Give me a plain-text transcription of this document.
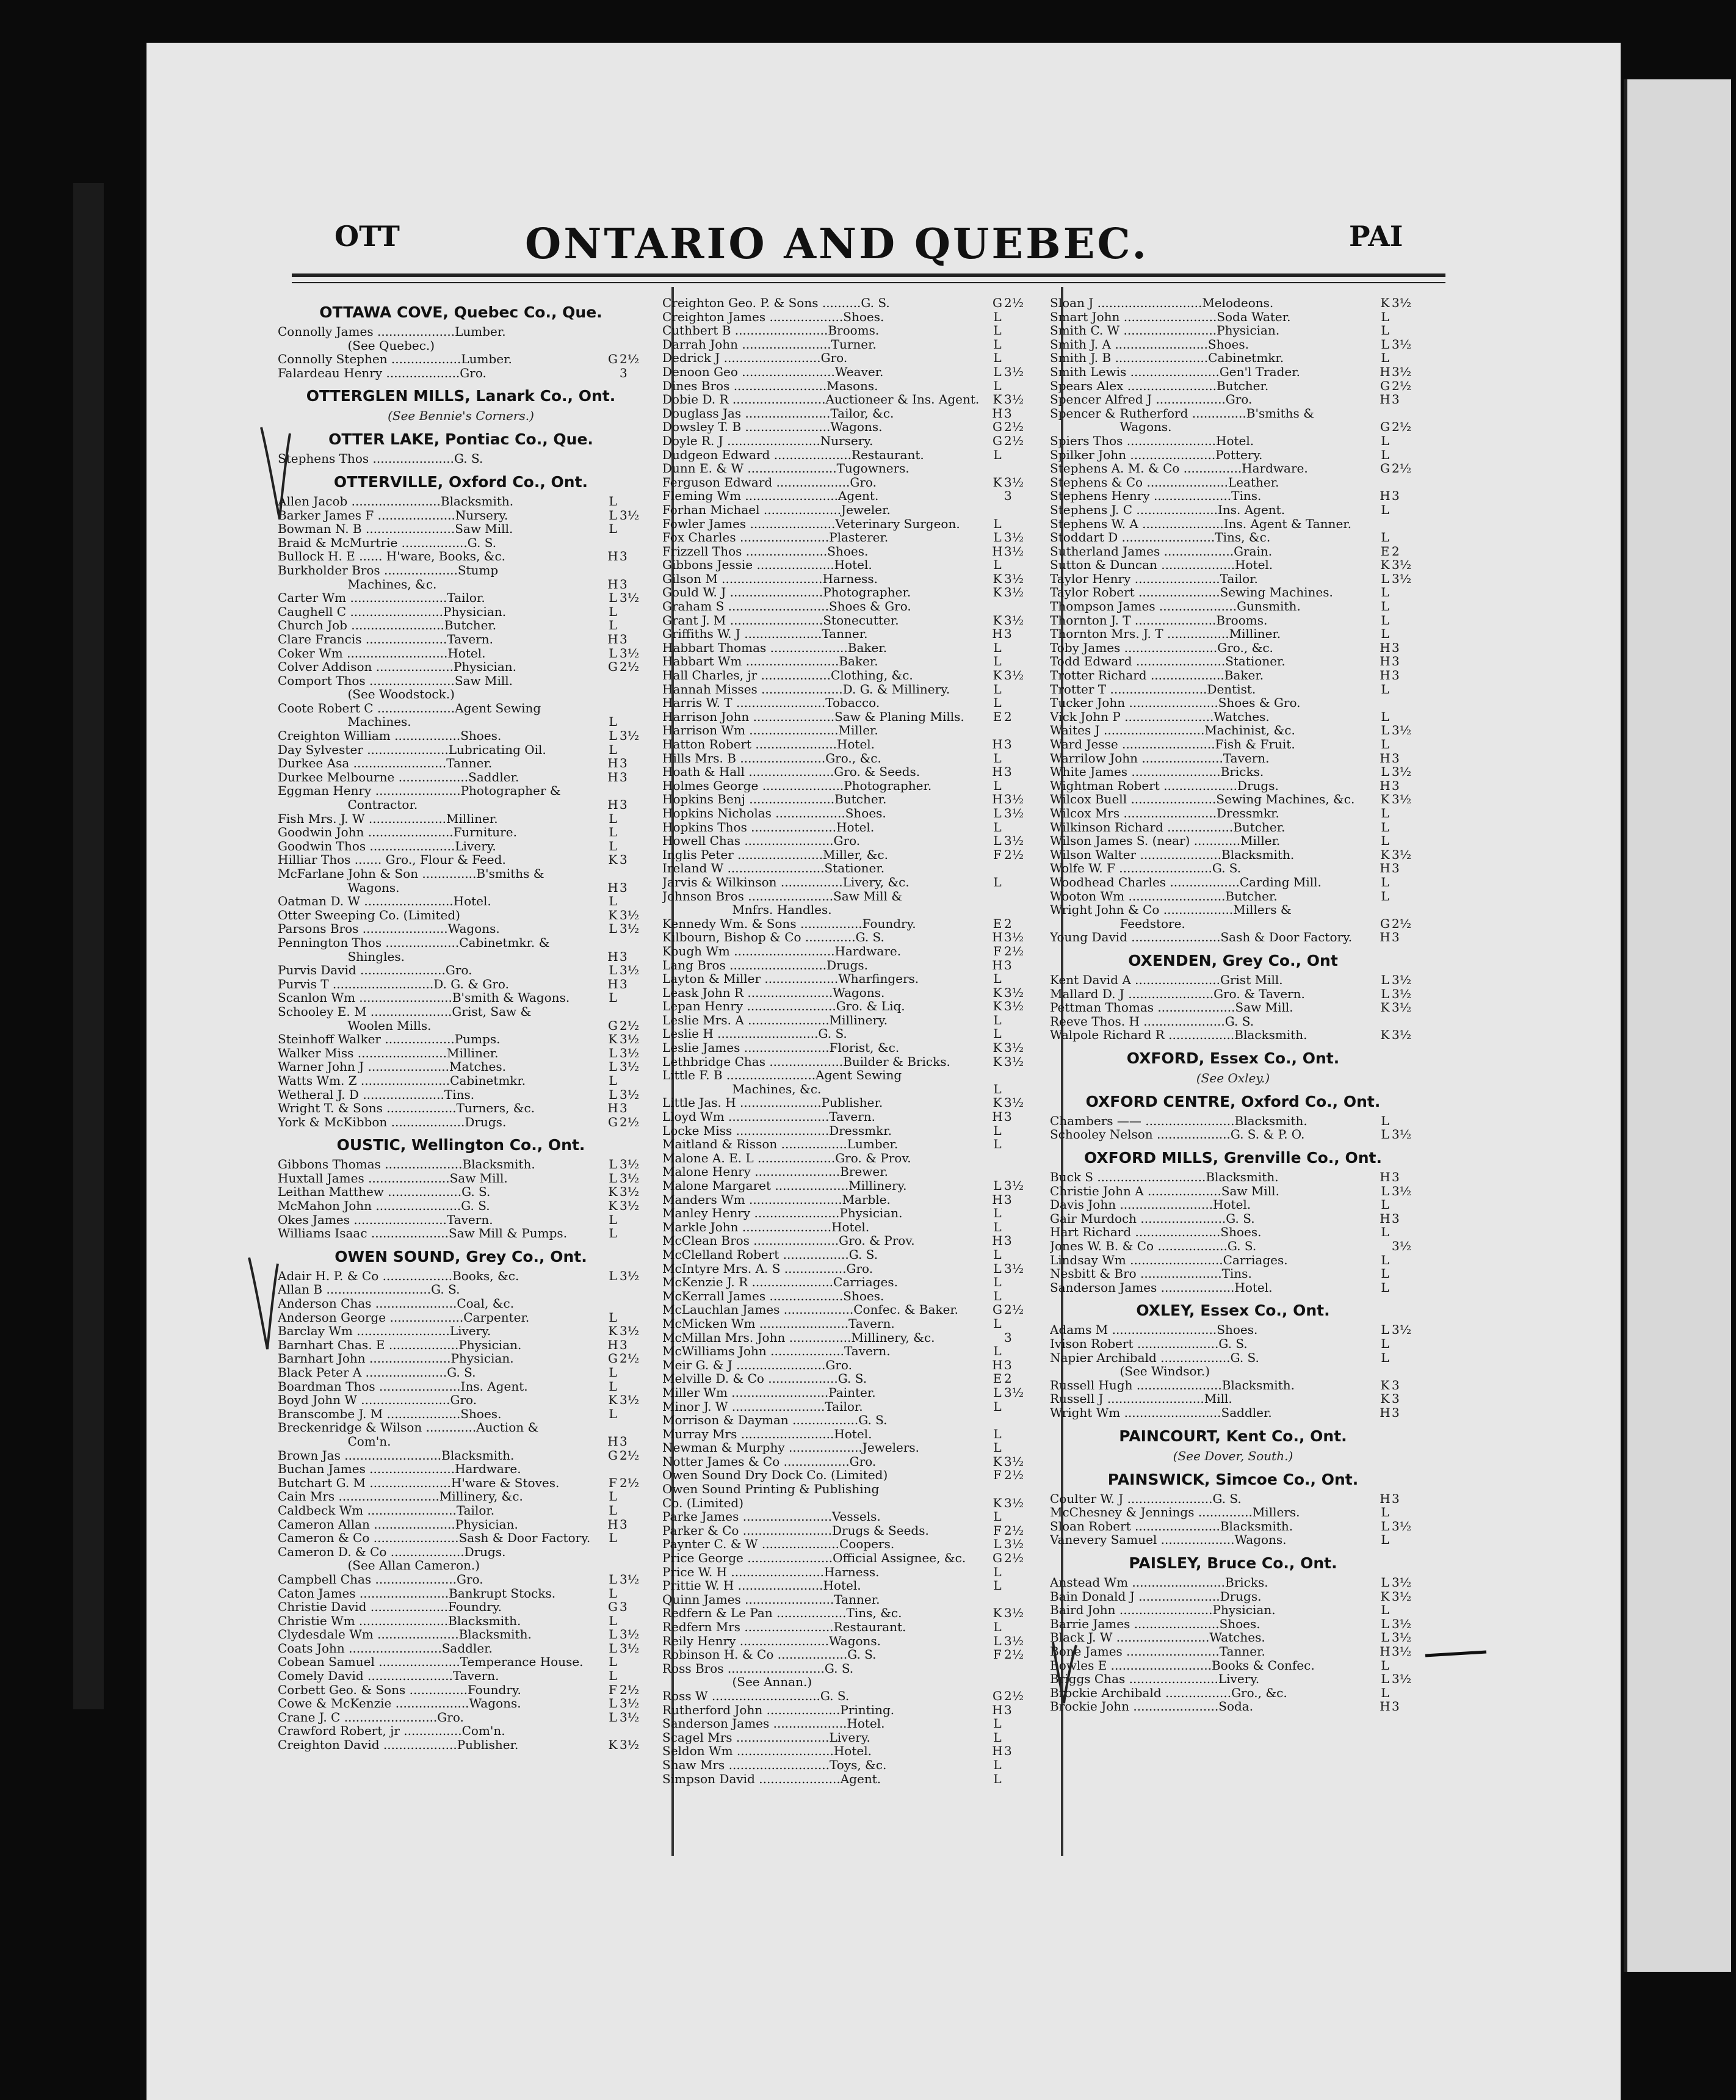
OTT	ONTARIO AND QUEBEC.	PAI
OTTAWA COVE, Quebec Co., Que.
Connolly James .................... Lumber.

(See Quebec.)
Connolly Stephen .................. Lumber.	G 2½
Falardeau Henry ................... Gro.	3
OTTERGLEN MILLS, Lanark Co., Ont.
(See Bennie's Corners.)
OTTER LAKE, Pontiac Co., Que.
Stephens Thos ..................... G. S.
OTTERVILLE, Oxford Co., Ont.
Allen Jacob ....................... Blacksmith.	L
Barker James F .................... Nursery.	L 3½
Bowman N. B ....................... Saw Mill.	L
Braid & McMurtrie ................. G. S.
Bullock H. E ...... H'ware, Books, &c.	H 3
Burkholder Bros ................... Stump

Machines, &c.	H 3
Carter Wm ......................... Tailor.	L 3½
Caughell C ........................ Physician.	L
Church Job ........................ Butcher.	L
Clare Francis ..................... Tavern.	H 3
Coker Wm .......................... Hotel.	L 3½
Colver Addison .................... Physician.	G 2½
Comport Thos ...................... Saw Mill.

(See Woodstock.)
Coote Robert C .................... Agent Sewing

Machines.	L
Creighton William ................. Shoes.	L 3½
Day Sylvester ..................... Lubricating Oil.	L
Durkee Asa ........................ Tanner.	H 3
Durkee Melbourne .................. Saddler.	H 3
Eggman Henry ...................... Photographer &

Contractor.	H 3
Fish Mrs. J. W .................... Milliner.	L
Goodwin John ...................... Furniture.	L
Goodwin Thos ...................... Livery.	L
Hilliar Thos ....... Gro., Flour & Feed.	K 3
McFarlane John & Son .............. B'smiths &

Wagons.	H 3
Oatman D. W ....................... Hotel.	L
Otter Sweeping Co. (Limited)	K 3½
Parsons Bros ...................... Wagons.	L 3½
Pennington Thos ................... Cabinetmkr. &

Shingles.	H 3
Purvis David ...................... Gro.	L 3½
Purvis T .......................... D. G. & Gro.	H 3
Scanlon Wm ........................ B'smith & Wagons.	L
Schooley E. M ..................... Grist, Saw &

Woolen Mills.	G 2½
Steinhoff Walker .................. Pumps.	K 3½
Walker Miss ....................... Milliner.	L 3½
Warner John J ..................... Matches.	L 3½
Watts Wm. Z ....................... Cabinetmkr.	L
Wetheral J. D ..................... Tins.	L 3½
Wright T. & Sons .................. Turners, &c.	H 3
York & McKibbon ................... Drugs.	G 2½
OUSTIC, Wellington Co., Ont.
Gibbons Thomas .................... Blacksmith.	L 3½
Huxtall James ..................... Saw Mill.	L 3½
Leithan Matthew ................... G. S.	K 3½
McMahon John ...................... G. S.	K 3½
Okes James ........................ Tavern.	L
Williams Isaac .................... Saw Mill & Pumps.	L
OWEN SOUND, Grey Co., Ont.
Adair H. P. & Co .................. Books, &c.	L 3½
Allan B ........................... G. S.
Anderson Chas ..................... Coal, &c.
Anderson George ................... Carpenter.	L
Barclay Wm ........................ Livery.	K 3½
Barnhart Chas. E .................. Physician.	H 3
Barnhart John ..................... Physician.	G 2½
Black Peter A ..................... G. S.	L
Boardman Thos ..................... Ins. Agent.	L
Boyd John W ....................... Gro.	K 3½
Branscombe J. M ................... Shoes.	L
Breckenridge & Wilson ............. Auction &

Com'n.	H 3
Brown Jas ......................... Blacksmith.	G 2½
Buchan James ...................... Hardware.
Butchart G. M ..................... H'ware & Stoves.	F 2½
Cain Mrs .......................... Millinery, &c.	L
Caldbeck Wm ....................... Tailor.	L
Cameron Allan ..................... Physician.	H 3
Cameron & Co ...................... Sash & Door Factory.	L
Cameron D. & Co ................... Drugs.

(See Allan Cameron.)
Campbell Chas ..................... Gro.	L 3½
Caton James ....................... Bankrupt Stocks.	L
Christie David .................... Foundry.	G 3
Christie Wm ....................... Blacksmith.	L
Clydesdale Wm ..................... Blacksmith.	L 3½
Coats John ........................ Saddler.	L 3½
Cobean Samuel ..................... Temperance House.	L
Comely David ...................... Tavern.	L
Corbett Geo. & Sons ............... Foundry.	F 2½
Cowe & McKenzie ................... Wagons.	L 3½
Crane J. C ........................ Gro.	L 3½
Crawford Robert, jr ............... Com'n.
Creighton David ................... Publisher.	K 3½
Creighton Geo. P. & Sons .......... G. S.	G 2½
Creighton James ................... Shoes.	L
Cuthbert B ........................ Brooms.	L
Darrah John ....................... Turner.	L
Dedrick J ......................... Gro.	L
Denoon Geo ........................ Weaver.	L 3½
Dines Bros ........................ Masons.	L
Dobie D. R ........................ Auctioneer & Ins. Agent.	K 3½
Douglass Jas ...................... Tailor, &c.	H 3
Dowsley T. B ...................... Wagons.	G 2½
Doyle R. J ........................ Nursery.	G 2½
Dudgeon Edward .................... Restaurant.	L
Dunn E. & W ....................... Tugowners.
Ferguson Edward ................... Gro.	K 3½
Fleming Wm ........................ Agent.	3
Forhan Michael .................... Jeweler.
Fowler James ...................... Veterinary Surgeon.	L
Fox Charles ....................... Plasterer.	L 3½
Frizzell Thos ..................... Shoes.	H 3½
Gibbons Jessie .................... Hotel.	L
Gilson M .......................... Harness.	K 3½
Gould W. J ........................ Photographer.	K 3½
Graham S .......................... Shoes & Gro.
Grant J. M ........................ Stonecutter.	K 3½
Griffiths W. J .................... Tanner.	H 3
Habbart Thomas .................... Baker.	L
Habbart Wm ........................ Baker.	L
Hall Charles, jr .................. Clothing, &c.	K 3½
Hannah Misses ..................... D. G. & Millinery.	L
Harris W. T ....................... Tobacco.	L
Harrison John ..................... Saw & Planing Mills.	E 2
Harrison Wm ....................... Miller.
Hatton Robert ..................... Hotel.	H 3
Hills Mrs. B ...................... Gro., &c.	L
Hoath & Hall ...................... Gro. & Seeds.	H 3
Holmes George ..................... Photographer.	L
Hopkins Benj ...................... Butcher.	H 3½
Hopkins Nicholas .................. Shoes.	L 3½
Hopkins Thos ...................... Hotel.	L
Howell Chas ....................... Gro.	L 3½
Inglis Peter ...................... Miller, &c.	F 2½
Ireland W ......................... Stationer.
Jarvis & Wilkinson ................ Livery, &c.	L
Johnson Bros ...................... Saw Mill &

Mnfrs. Handles.
Kennedy Wm. & Sons ................ Foundry.	E 2
Kilbourn, Bishop & Co ............. G. S.	H 3½
Kough Wm .......................... Hardware.	F 2½
Lang Bros ......................... Drugs.	H 3
Layton & Miller ................... Wharfingers.	L
Leask John R ...................... Wagons.	K 3½
Lepan Henry ....................... Gro. & Liq.	K 3½
Leslie Mrs. A ..................... Millinery.	L
Leslie H .......................... G. S.	L
Leslie James ...................... Florist, &c.	K 3½
Lethbridge Chas ................... Builder & Bricks.	K 3½
Little F. B ....................... Agent Sewing

Machines, &c.	L
Little Jas. H ..................... Publisher.	K 3½
Lloyd Wm .......................... Tavern.	H 3
Locke Miss ........................ Dressmkr.	L
Maitland & Risson ................. Lumber.	L
Malone A. E. L .................... Gro. & Prov.
Malone Henry ...................... Brewer.
Malone Margaret ................... Millinery.	L 3½
Manders Wm ........................ Marble.	H 3
Manley Henry ...................... Physician.	L
Markle John ....................... Hotel.	L
McClean Bros ...................... Gro. & Prov.	H 3
McClelland Robert ................. G. S.	L
McIntyre Mrs. A. S ................ Gro.	L 3½
McKenzie J. R ..................... Carriages.	L
McKerrall James ................... Shoes.	L
McLauchlan James .................. Confec. & Baker.	G 2½
McMicken Wm ....................... Tavern.	L
McMillan Mrs. John ................ Millinery, &c.	3
McWilliams John ................... Tavern.	L
Meir G. & J ....................... Gro.	H 3
Melville D. & Co .................. G. S.	E 2
Miller Wm ......................... Painter.	L 3½
Minor J. W ........................ Tailor.	L
Morrison & Dayman ................. G. S.
Murray Mrs ........................ Hotel.	L
Newman & Murphy ................... Jewelers.	L
Notter James & Co ................. Gro.	K 3½
Owen Sound Dry Dock Co. (Limited)	F 2½
Owen Sound Printing & Publishing
Co. (Limited)	K 3½
Parke James ....................... Vessels.	L
Parker & Co ....................... Drugs & Seeds.	F 2½
Paynter C. & W .................... Coopers.	L 3½
Price George ...................... Official Assignee, &c.	G 2½
Price W. H ........................ Harness.	L
Prittie W. H ...................... Hotel.	L
Quinn James ....................... Tanner.
Redfern & Le Pan .................. Tins, &c.	K 3½
Redfern Mrs ....................... Restaurant.	L
Reily Henry ....................... Wagons.	L 3½
Robinson H. & Co .................. G. S.	F 2½
Ross Bros ......................... G. S.

(See Annan.)
Ross W ............................ G. S.	G 2½
Rutherford John ................... Printing.	H 3
Sanderson James ................... Hotel.	L
Scagel Mrs ........................ Livery.	L
Seldon Wm ......................... Hotel.	H 3
Shaw Mrs .......................... Toys, &c.	L
Simpson David ..................... Agent.	L
Sloan J ........................... Melodeons.	K 3½
Smart John ........................ Soda Water.	L
Smith C. W ........................ Physician.	L
Smith J. A ........................ Shoes.	L 3½
Smith J. B ........................ Cabinetmkr.	L
Smith Lewis ....................... Gen'l Trader.	H 3½
Spears Alex ....................... Butcher.	G 2½
Spencer Alfred J .................. Gro.	H 3
Spencer & Rutherford .............. B'smiths &

Wagons.	G 2½
Spiers Thos ....................... Hotel.	L
Spilker John ...................... Pottery.	L
Stephens A. M. & Co ............... Hardware.	G 2½
Stephens & Co ..................... Leather.
Stephens Henry .................... Tins.	H 3
Stephens J. C ..................... Ins. Agent.	L
Stephens W. A ..................... Ins. Agent & Tanner.
Stoddart D ........................ Tins, &c.	L
Sutherland James .................. Grain.	E 2
Sutton & Duncan ................... Hotel.	K 3½
Taylor Henry ...................... Tailor.	L 3½
Taylor Robert ..................... Sewing Machines.	L
Thompson James .................... Gunsmith.	L
Thornton J. T ..................... Brooms.	L
Thornton Mrs. J. T ................ Milliner.	L
Toby James ........................ Gro., &c.	H 3
Todd Edward ....................... Stationer.	H 3
Trotter Richard ................... Baker.	H 3
Trotter T ......................... Dentist.	L
Tucker John ....................... Shoes & Gro.
Vick John P ....................... Watches.	L
Waites J .......................... Machinist, &c.	L 3½
Ward Jesse ........................ Fish & Fruit.	L
Warrilow John ..................... Tavern.	H 3
White James ....................... Bricks.	L 3½
Wightman Robert ................... Drugs.	H 3
Wilcox Buell ...................... Sewing Machines, &c.	K 3½
Wilcox Mrs ........................ Dressmkr.	L
Wilkinson Richard ................. Butcher.	L
Wilson James S. (near) ............ Miller.	L
Wilson Walter ..................... Blacksmith.	K 3½
Wolfe W. F ........................ G. S.	H 3
Woodhead Charles .................. Carding Mill.	L
Wooton Wm ......................... Butcher.	L
Wright John & Co .................. Millers &

Feedstore.	G 2½
Young David ....................... Sash & Door Factory.	H 3
OXENDEN, Grey Co., Ont
Kent David A ...................... Grist Mill.	L 3½
Mallard D. J ...................... Gro. & Tavern.	L 3½
Pettman Thomas .................... Saw Mill.	K 3½
Reeve Thos. H ..................... G. S.
Walpole Richard R ................. Blacksmith.	K 3½
OXFORD, Essex Co., Ont.
(See Oxley.)
OXFORD CENTRE, Oxford Co., Ont.
Chambers —— ....................... Blacksmith.	L
Schooley Nelson ................... G. S. & P. O.	L 3½
OXFORD MILLS, Grenville Co., Ont.
Buck S ............................ Blacksmith.	H 3
Christie John A ................... Saw Mill.	L 3½
Davis John ........................ Hotel.	L
Gair Murdoch ...................... G. S.	H 3
Hart Richard ...................... Shoes.	L
Jones W. B. & Co .................. G. S.	3½
Lindsay Wm ........................ Carriages.	L
Nesbitt & Bro ..................... Tins.	L
Sanderson James ................... Hotel.	L
OXLEY, Essex Co., Ont.
Adams M ........................... Shoes.	L 3½
Ivison Robert ..................... G. S.	L
Napier Archibald .................. G. S.	L

(See Windsor.)
Russell Hugh ...................... Blacksmith.	K 3
Russell J ......................... Mill.	K 3
Wright Wm ......................... Saddler.	H 3
PAINCOURT, Kent Co., Ont.
(See Dover, South.)
PAINSWICK, Simcoe Co., Ont.
Coulter W. J ...................... G. S.	H 3
McChesney & Jennings .............. Millers.	L
Sloan Robert ...................... Blacksmith.	L 3½
Vanevery Samuel ................... Wagons.	L
PAISLEY, Bruce Co., Ont.
Anstead Wm ........................ Bricks.	L 3½
Bain Donald J ..................... Drugs.	K 3½
Baird John ........................ Physician.	L
Barrie James ...................... Shoes.	L 3½
Black J. W ........................ Watches.	L 3½
Bone James ........................ Tanner.	H 3½
Bowles E .......................... Books & Confec.	L
Briggs Chas ....................... Livery.	L 3½
Brockie Archibald ................. Gro., &c.	L
Brockie John ...................... Soda.	H 3
